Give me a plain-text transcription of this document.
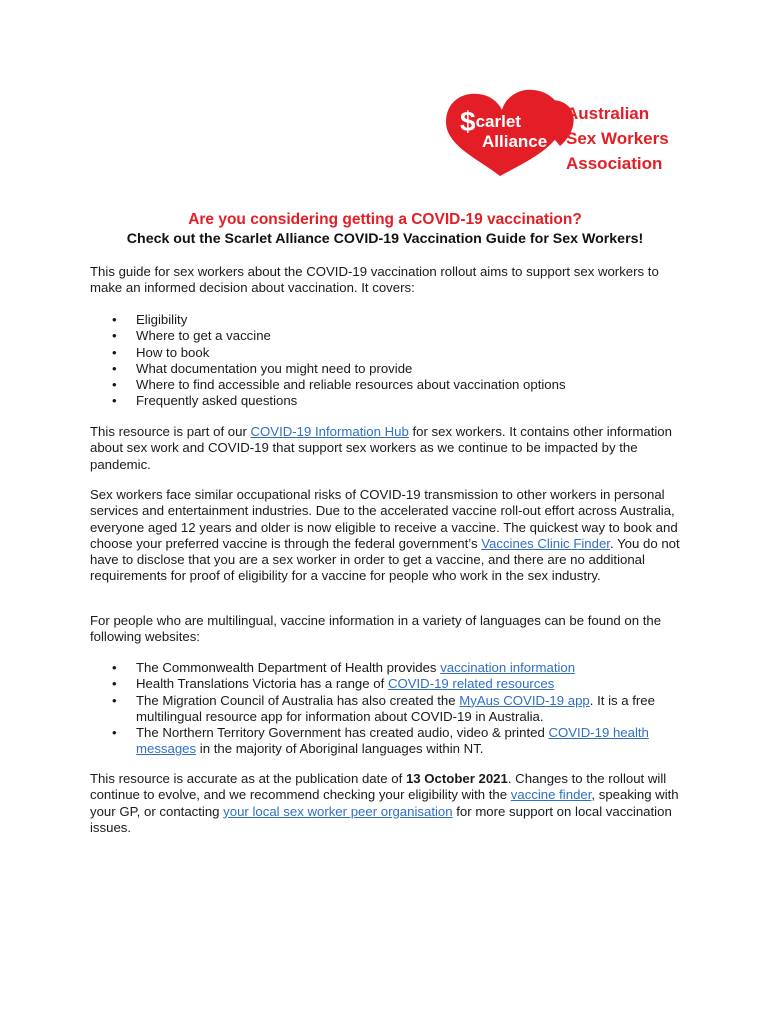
$carlet
Alliance
Australian
Sex Workers
Association
Are you considering getting a COVID-19 vaccination?
Check out the Scarlet Alliance COVID-19 Vaccination Guide for Sex Workers!

This guide for sex workers about the COVID-19 vaccination rollout aims to support sex workers to make an informed decision about vaccination. It covers:

• Eligibility
• Where to get a vaccine
• How to book
• What documentation you might need to provide
• Where to find accessible and reliable resources about vaccination options
• Frequently asked questions

This resource is part of our COVID-19 Information Hub for sex workers. It contains other information about sex work and COVID-19 that support sex workers as we continue to be impacted by the pandemic.

Sex workers face similar occupational risks of COVID-19 transmission to other workers in personal services and entertainment industries. Due to the accelerated vaccine roll-out effort across Australia, everyone aged 12 years and older is now eligible to receive a vaccine. The quickest way to book and choose your preferred vaccine is through the federal government’s Vaccines Clinic Finder. You do not have to disclose that you are a sex worker in order to get a vaccine, and there are no additional requirements for proof of eligibility for a vaccine for people who work in the sex industry.

For people who are multilingual, vaccine information in a variety of languages can be found on the following websites:

• The Commonwealth Department of Health provides vaccination information
• Health Translations Victoria has a range of COVID-19 related resources
• The Migration Council of Australia has also created the MyAus COVID-19 app. It is a free multilingual resource app for information about COVID-19 in Australia.
• The Northern Territory Government has created audio, video & printed COVID-19 health messages in the majority of Aboriginal languages within NT.

This resource is accurate as at the publication date of 13 October 2021. Changes to the rollout will continue to evolve, and we recommend checking your eligibility with the vaccine finder, speaking with your GP, or contacting your local sex worker peer organisation for more support on local vaccination issues.
